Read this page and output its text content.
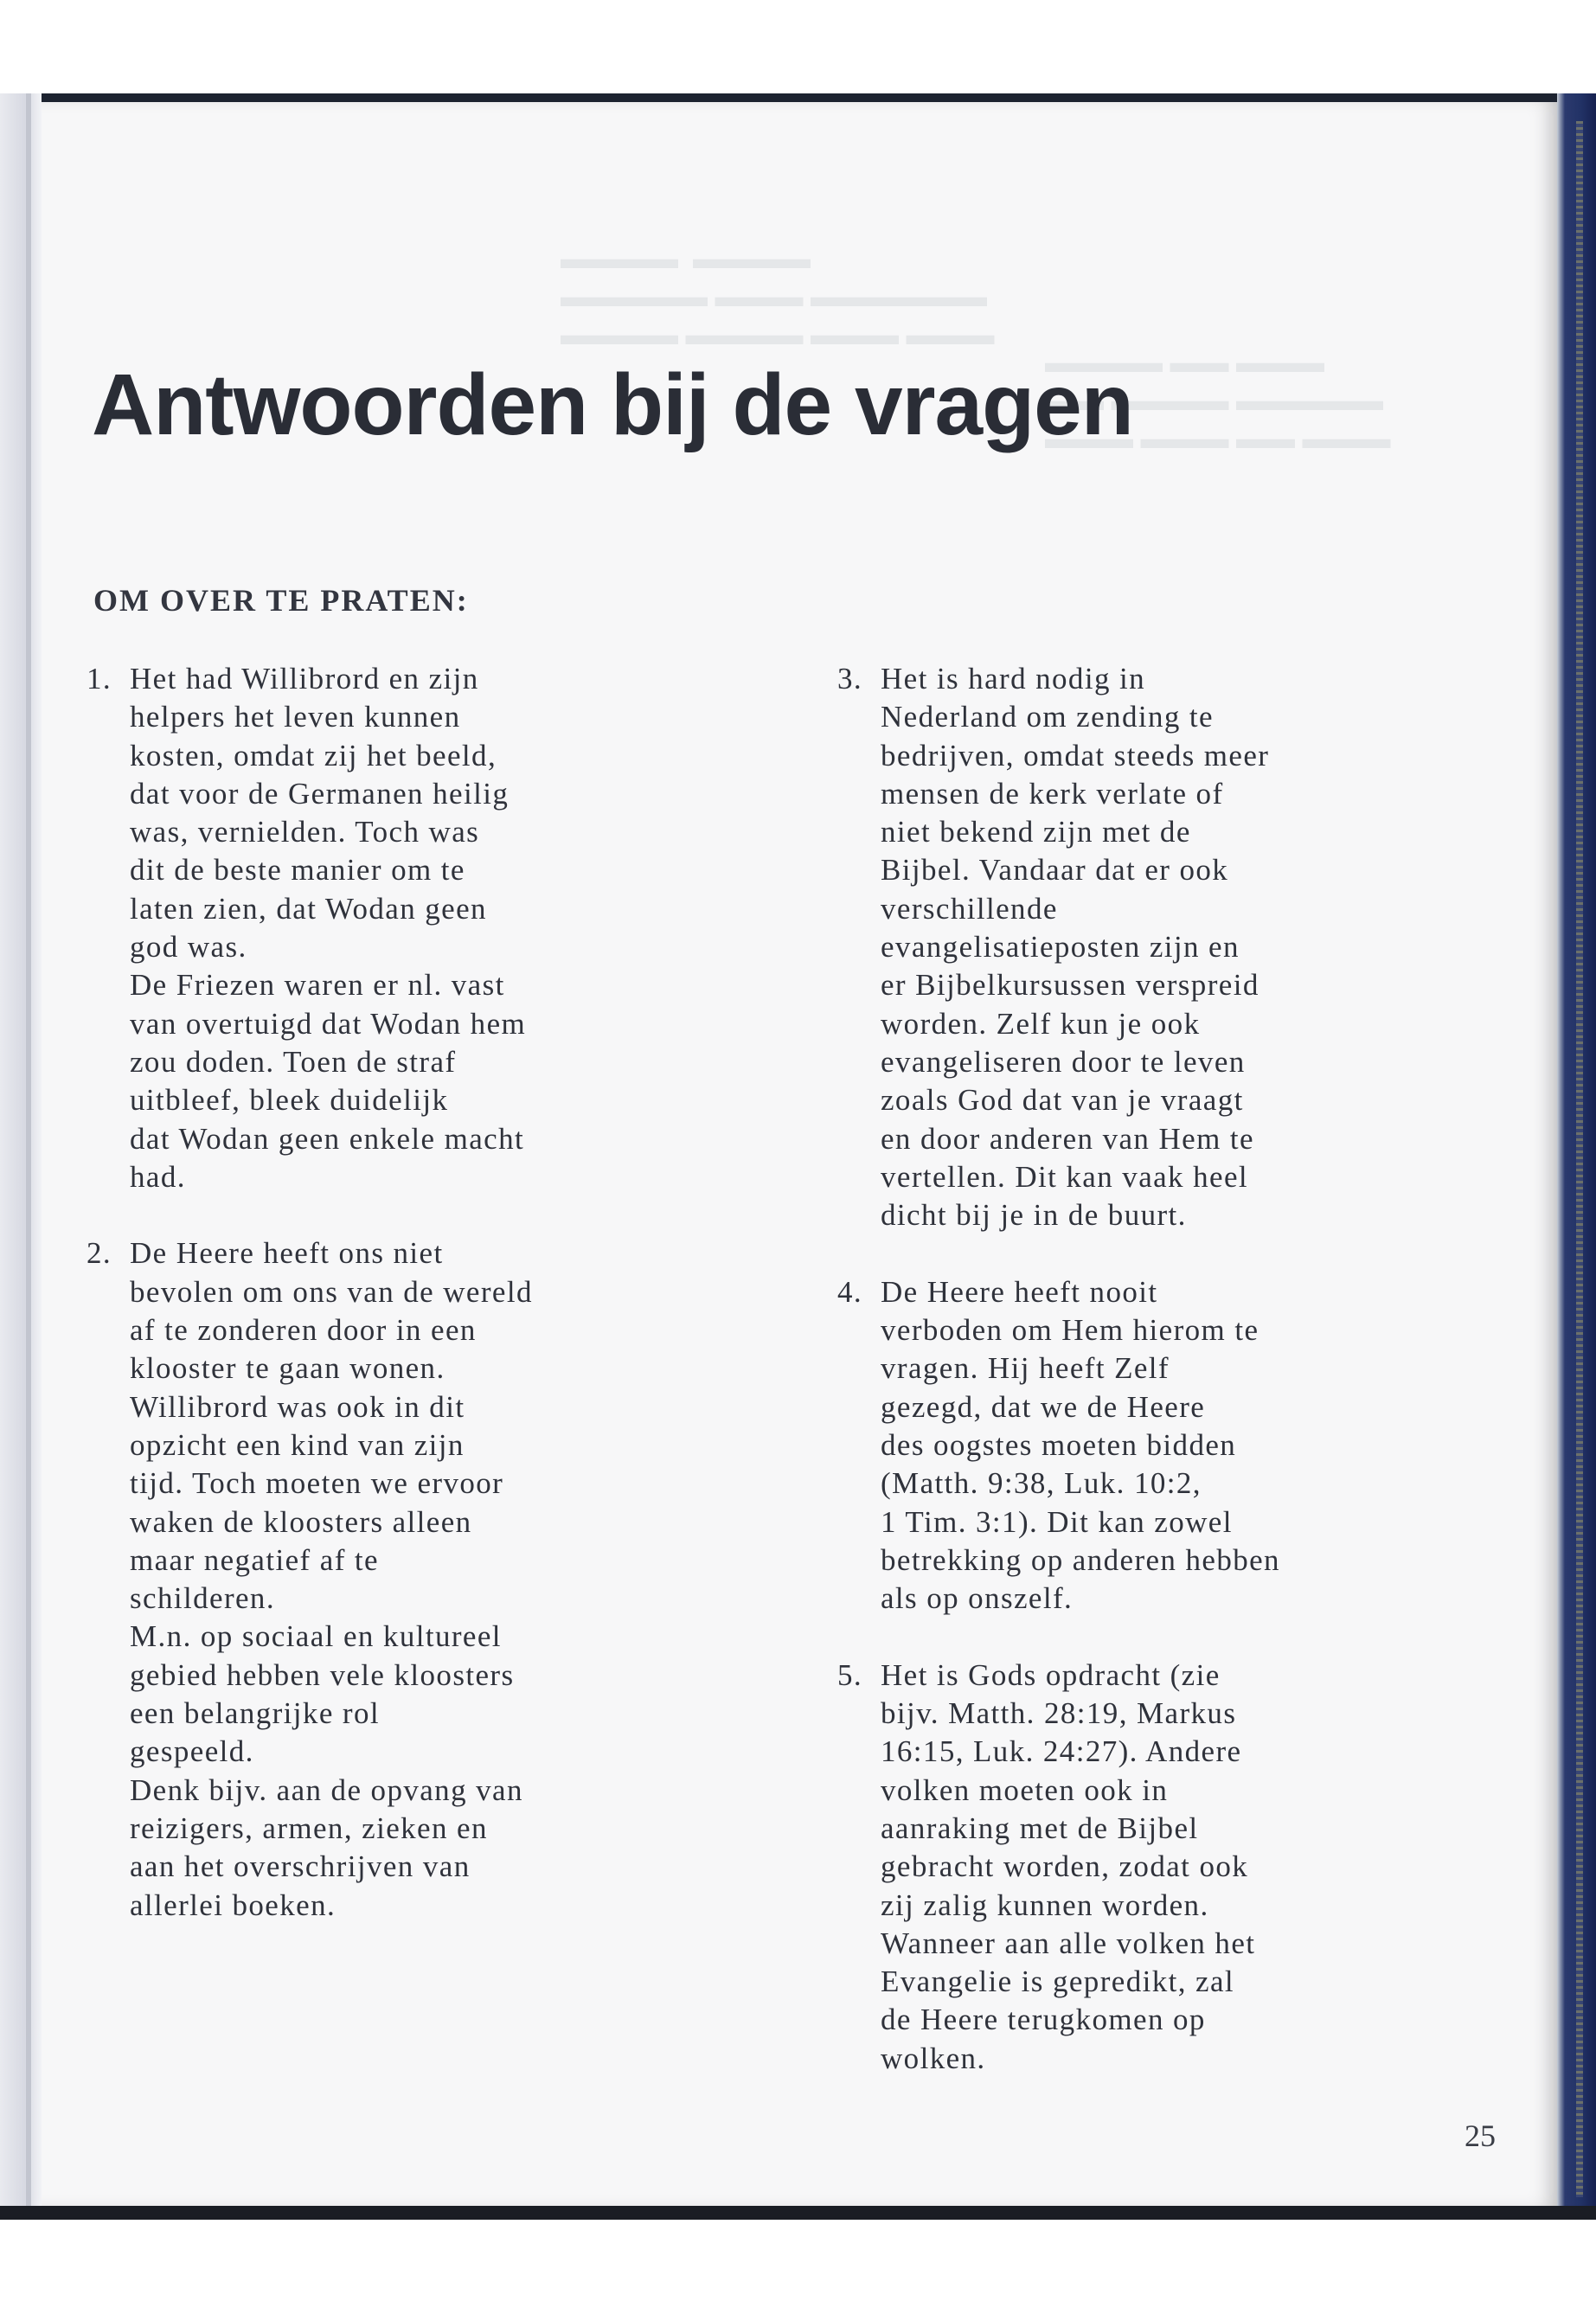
▬▬▬▬  ▬▬▬▬
▬▬▬▬▬ ▬▬▬ ▬▬▬▬▬▬
▬▬▬▬ ▬▬▬▬ ▬▬▬ ▬▬▬
▬▬▬▬ ▬▬ ▬▬▬
▬▬ ▬▬▬▬ ▬▬▬▬▬
▬▬▬ ▬▬▬ ▬▬ ▬▬▬
Antwoorden bij de vragen
OM OVER TE PRATEN:
1. Het had Willibrord en zijn

helpers het leven kunnen

kosten, omdat zij het beeld,

dat voor de Germanen heilig

was, vernielden. Toch was

dit de beste manier om te

laten zien, dat Wodan geen

god was.

De Friezen waren er nl. vast

van overtuigd dat Wodan hem

zou doden. Toen de straf

uitbleef, bleek duidelijk

dat Wodan geen enkele macht

had.

2. De Heere heeft ons niet

bevolen om ons van de wereld

af te zonderen door in een

klooster te gaan wonen.

Willibrord was ook in dit

opzicht een kind van zijn

tijd. Toch moeten we ervoor

waken de kloosters alleen

maar negatief af te

schilderen.

M.n. op sociaal en kultureel

gebied hebben vele kloosters

een belangrijke rol

gespeeld.

Denk bijv. aan de opvang van

reizigers, armen, zieken en

aan het overschrijven van

allerlei boeken.

3. Het is hard nodig in

Nederland om zending te

bedrijven, omdat steeds meer

mensen de kerk verlate of

niet bekend zijn met de

Bijbel. Vandaar dat er ook

verschillende

evangelisatieposten zijn en

er Bijbelkursussen verspreid

worden. Zelf kun je ook

evangeliseren door te leven

zoals God dat van je vraagt

en door anderen van Hem te

vertellen. Dit kan vaak heel

dicht bij je in de buurt.

4. De Heere heeft nooit

verboden om Hem hierom te

vragen. Hij heeft Zelf

gezegd, dat we de Heere

des oogstes moeten bidden

(Matth. 9:38, Luk. 10:2,

1 Tim. 3:1). Dit kan zowel

betrekking op anderen hebben

als op onszelf.

5. Het is Gods opdracht (zie

bijv. Matth. 28:19, Markus

16:15, Luk. 24:27). Andere

volken moeten ook in

aanraking met de Bijbel

gebracht worden, zodat ook

zij zalig kunnen worden.

Wanneer aan alle volken het

Evangelie is gepredikt, zal

de Heere terugkomen op

wolken.

25
